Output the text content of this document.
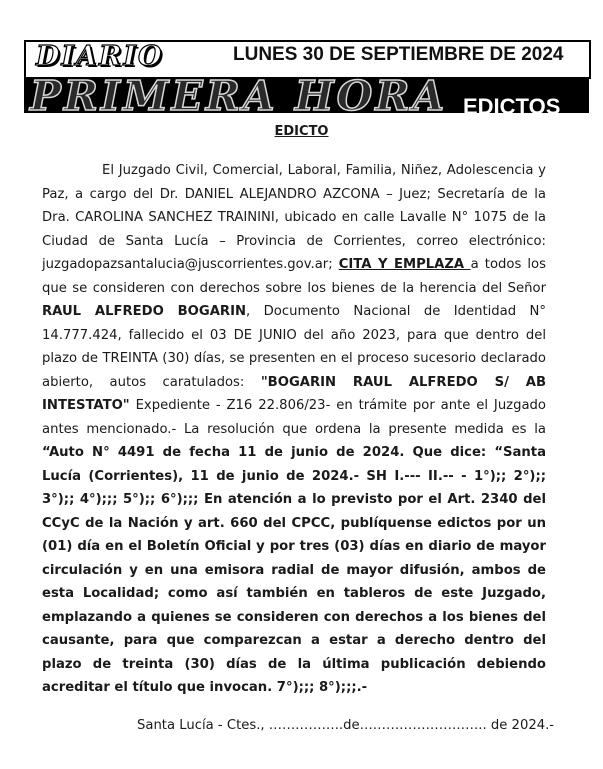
DIARIO	LUNES 30 DE SEPTIEMBRE DE 2024
PRIMERA HORA EDICTOS
EDICTO

El Juzgado Civil, Comercial, Laboral, Familia, Niñez, Adolescencia y Paz, a cargo del Dr. DANIEL ALEJANDRO AZCONA – Juez; Secretaría de la Dra. CAROLINA SANCHEZ TRAININI, ubicado en calle Lavalle N° 1075 de la Ciudad de Santa Lucía – Provincia de Corrientes, correo electrónico: juzgadopazsantalucia@juscorrientes.gov.ar; CITA Y EMPLAZA a todos los que se consideren con derechos sobre los bienes de la herencia del Señor RAUL ALFREDO BOGARIN, Documento Nacional de Identidad N° 14.777.424, fallecido el 03 DE JUNIO del año 2023, para que dentro del plazo de TREINTA (30) días, se presenten en el proceso sucesorio declarado abierto, autos caratulados: "BOGARIN RAUL ALFREDO S/ AB INTESTATO" Expediente - Z16 22.806/23- en trámite por ante el Juzgado antes mencionado.- La resolución que ordena la presente medida es la “Auto N° 4491 de fecha 11 de junio de 2024. Que dice: “Santa Lucía (Corrientes), 11 de junio de 2024.- SH I.--- II.-- - 1°);; 2°);; 3°);; 4°);;; 5°);; 6°);;; En atención a lo previsto por el Art. 2340 del CCyC de la Nación y art. 660 del CPCC, publíquense edictos por un (01) día en el Boletín Oficial y por tres (03) días en diario de mayor circulación y en una emisora radial de mayor difusión, ambos de esta Localidad; como así también en tableros de este Juzgado, emplazando a quienes se consideren con derechos a los bienes del causante, para que comparezcan a estar a derecho dentro del plazo de treinta (30) días de la última publicación debiendo acreditar el título que invocan. 7°);;; 8°);;;.-

Santa Lucía - Ctes., ……………..de……………………….. de 2024.-
